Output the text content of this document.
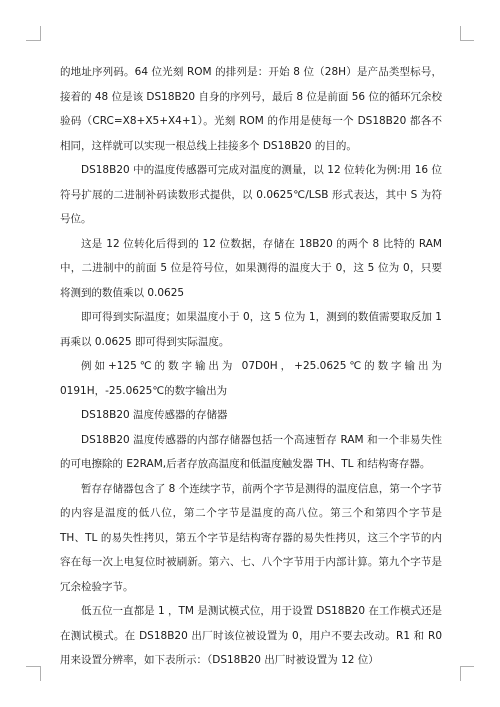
的地址序列码。64 位光刻 ROM 的排列是：开始 8 位（28H）是产品类型标号，接着的 48 位是该 DS18B20 自身的序列号，最后 8 位是前面 56 位的循环冗余校验码（CRC=X8+X5+X4+1）。光刻 ROM 的作用是使每一个 DS18B20 都各不相同，这样就可以实现一根总线上挂接多个 DS18B20 的目的。

DS18B20 中的温度传感器可完成对温度的测量，以 12 位转化为例:用 16 位符号扩展的二进制补码读数形式提供，以 0.0625℃/LSB 形式表达，其中 S 为符号位。

这是 12 位转化后得到的 12 位数据，存储在 18B20 的两个 8 比特的 RAM 中，二进制中的前面 5 位是符号位，如果测得的温度大于 0，这 5 位为 0，只要将测到的数值乘以 0.0625

即可得到实际温度；如果温度小于 0，这 5 位为 1，测到的数值需要取反加 1 再乘以 0.0625 即可得到实际温度。

例如+125℃的数字输出为 07D0H，+25.0625℃的数字输出为 0191H，-25.0625℃的数字输出为

DS18B20 温度传感器的存储器

DS18B20 温度传感器的内部存储器包括一个高速暂存 RAM 和一个非易失性的可电擦除的 E2RAM,后者存放高温度和低温度触发器 TH、TL 和结构寄存器。

暂存存储器包含了 8 个连续字节，前两个字节是测得的温度信息，第一个字节的内容是温度的低八位，第二个字节是温度的高八位。第三个和第四个字节是 TH、TL 的易失性拷贝，第五个字节是结构寄存器的易失性拷贝，这三个字节的内容在每一次上电复位时被刷新。第六、七、八个字节用于内部计算。第九个字节是冗余检验字节。

低五位一直都是 1 ，TM 是测试模式位，用于设置 DS18B20 在工作模式还是在测试模式。在 DS18B20 出厂时该位被设置为 0，用户不要去改动。R1 和 R0 用来设置分辨率，如下表所示：（DS18B20 出厂时被设置为 12 位）
